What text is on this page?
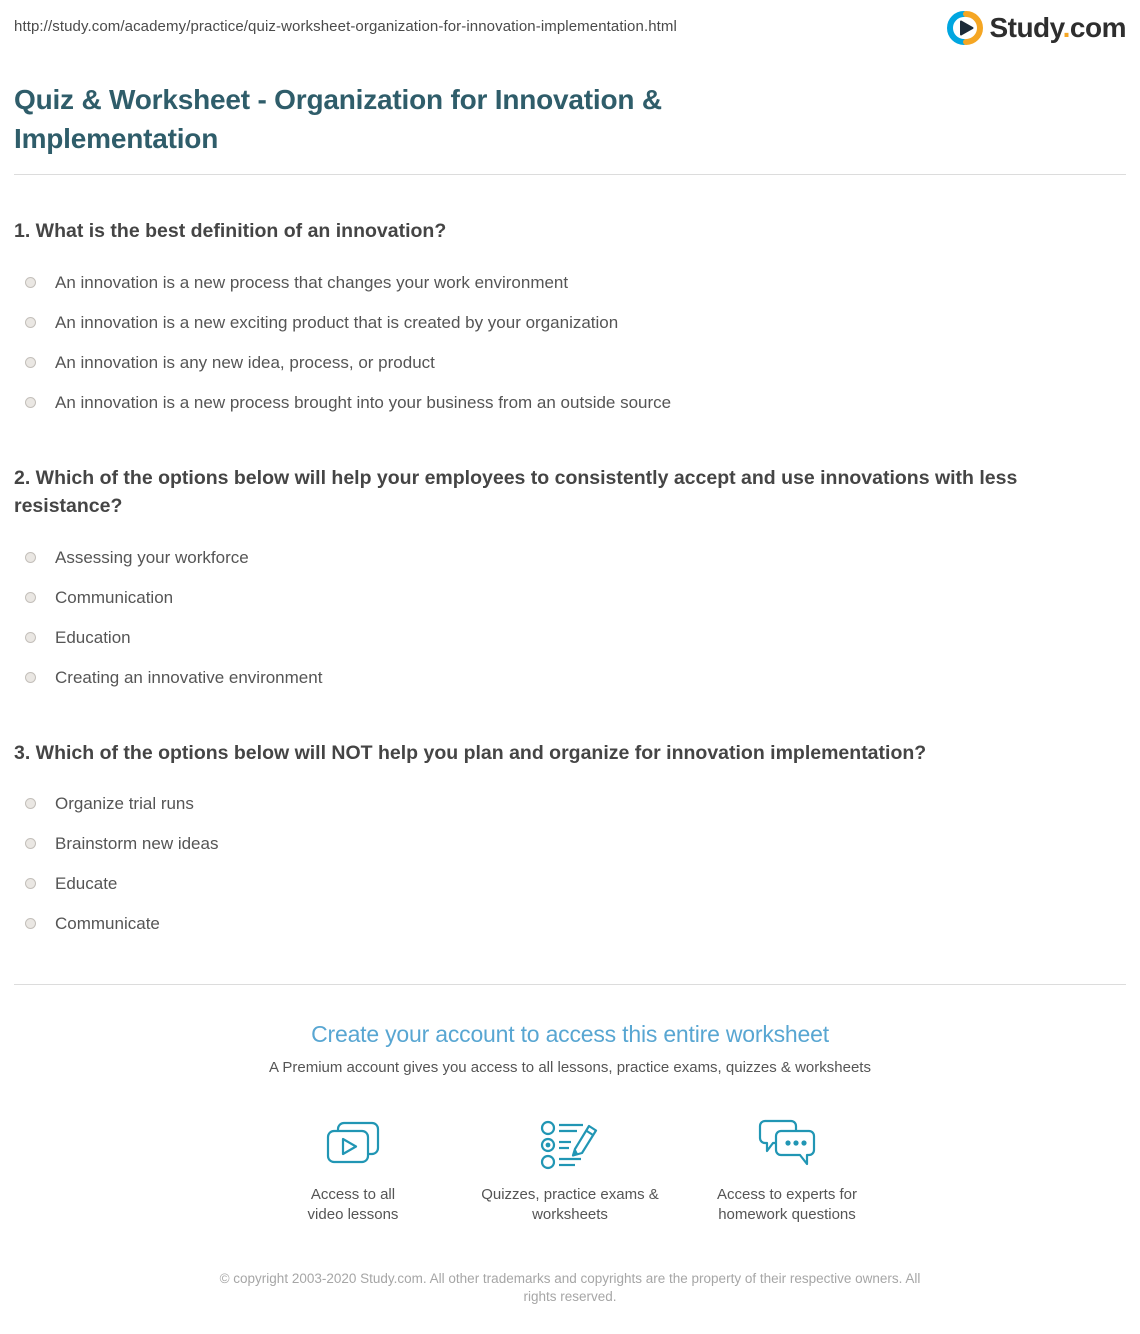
http://study.com/academy/practice/quiz-worksheet-organization-for-innovation-implementation.html	Study.com
Quiz & Worksheet - Organization for Innovation & Implementation
1. What is the best definition of an innovation?
An innovation is a new process that changes your work environment
An innovation is a new exciting product that is created by your organization
An innovation is any new idea, process, or product
An innovation is a new process brought into your business from an outside source
2. Which of the options below will help your employees to consistently accept and use innovations with less resistance?
Assessing your workforce
Communication
Education
Creating an innovative environment
3. Which of the options below will NOT help you plan and organize for innovation implementation?
Organize trial runs
Brainstorm new ideas
Educate
Communicate
Create your account to access this entire worksheet
A Premium account gives you access to all lessons, practice exams, quizzes & worksheets
Access to all video lessons
Quizzes, practice exams & worksheets
Access to experts for homework questions
© copyright 2003-2020 Study.com. All other trademarks and copyrights are the property of their respective owners. All rights reserved.
